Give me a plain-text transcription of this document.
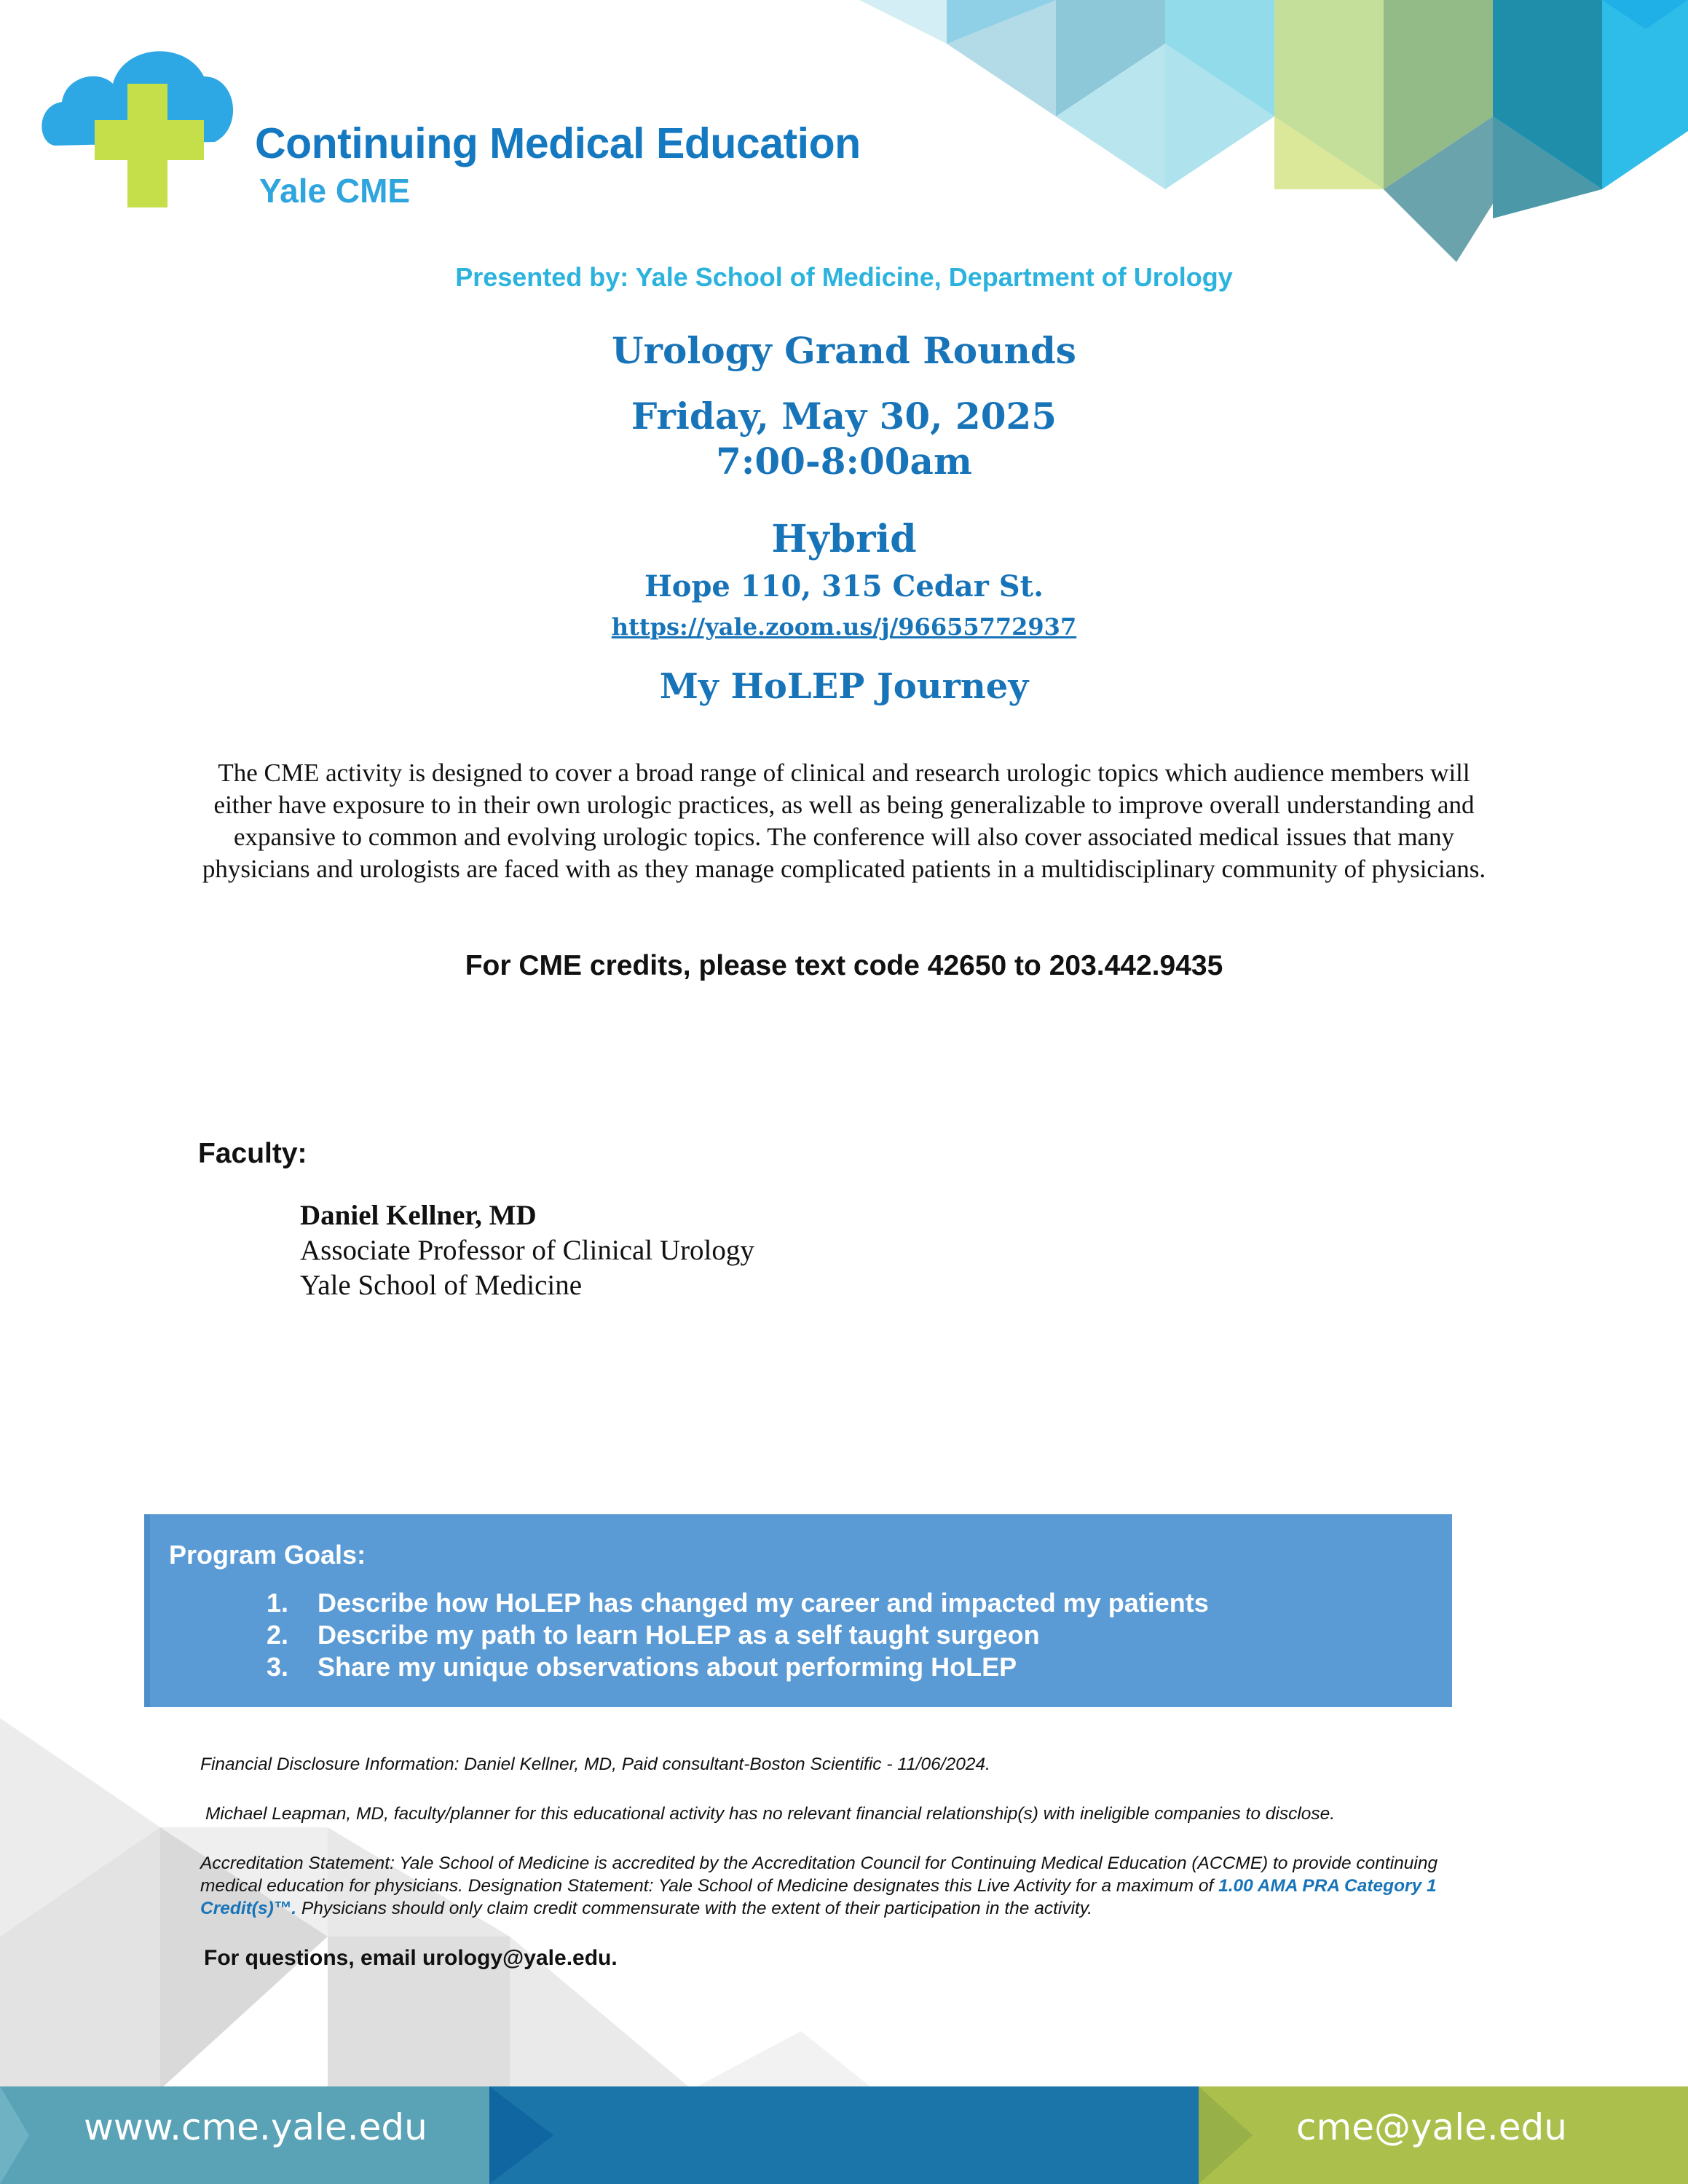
Continuing Medical Education
Yale CME
Presented by: Yale School of Medicine, Department of Urology
Urology Grand Rounds
Friday, May 30, 2025
7:00-8:00am
Hybrid
Hope 110, 315 Cedar St.
https://yale.zoom.us/j/96655772937
My HoLEP Journey
The CME activity is designed to cover a broad range of clinical and research urologic topics which audience members will either have exposure to in their own urologic practices, as well as being generalizable to improve overall understanding and expansive to common and evolving urologic topics. The conference will also cover associated medical issues that many physicians and urologists are faced with as they manage complicated patients in a multidisciplinary community of physicians.
For CME credits, please text code 42650 to 203.442.9435
Faculty:
Daniel Kellner, MD
Associate Professor of Clinical Urology
Yale School of Medicine
Program Goals:
1.	Describe how HoLEP has changed my career and impacted my patients
2.	Describe my path to learn HoLEP as a self taught surgeon
3.	Share my unique observations about performing HoLEP
Financial Disclosure Information: Daniel Kellner, MD, Paid consultant-Boston Scientific - 11/06/2024.
Michael Leapman, MD, faculty/planner for this educational activity has no relevant financial relationship(s) with ineligible companies to disclose.
Accreditation Statement: Yale School of Medicine is accredited by the Accreditation Council for Continuing Medical Education (ACCME) to provide continuing medical education for physicians. Designation Statement: Yale School of Medicine designates this Live Activity for a maximum of 1.00 AMA PRA Category 1 Credit(s)™. Physicians should only claim credit commensurate with the extent of their participation in the activity.
For questions, email urology@yale.edu.
www.cme.yale.edu	cme@yale.edu
